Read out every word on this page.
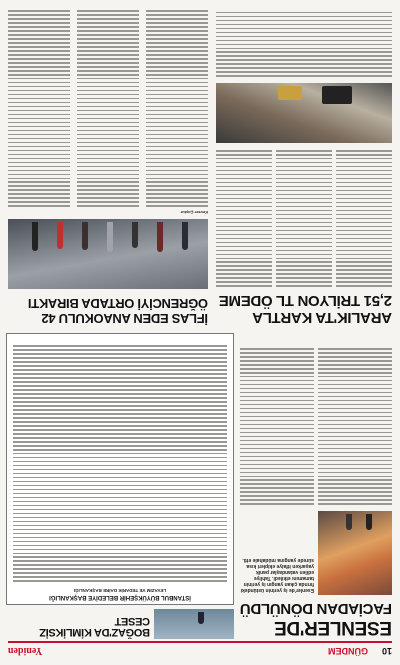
10
GÜNDEM
Yeniden
ESENLER'DE
FACİADAN DÖNÜLDÜ
Esenler'de iş yerinin üstündeki fırında çıkan yangın iş yerinin tamamını etkiledi. Tahliye edilen vatandaşlar panik yaşarken itfaiye ekipleri kısa sürede yangına müdahale etti.
İSTANBUL BÜYÜKŞEHİR BELEDİYE BAŞKANLIĞI
LEVAZIM VE TEDARİK DAİRE BAŞKANLIĞI
BOĞAZ'DA KİMLİKSİZ CESET
ARALIK'TA KARTLA
2,51 TRİLYON TL ÖDEME
İFLAS EDEN ANAOKULU 42
ÖĞRENCİYİ ORTADA BIRAKTI
Kevser Çoştur
